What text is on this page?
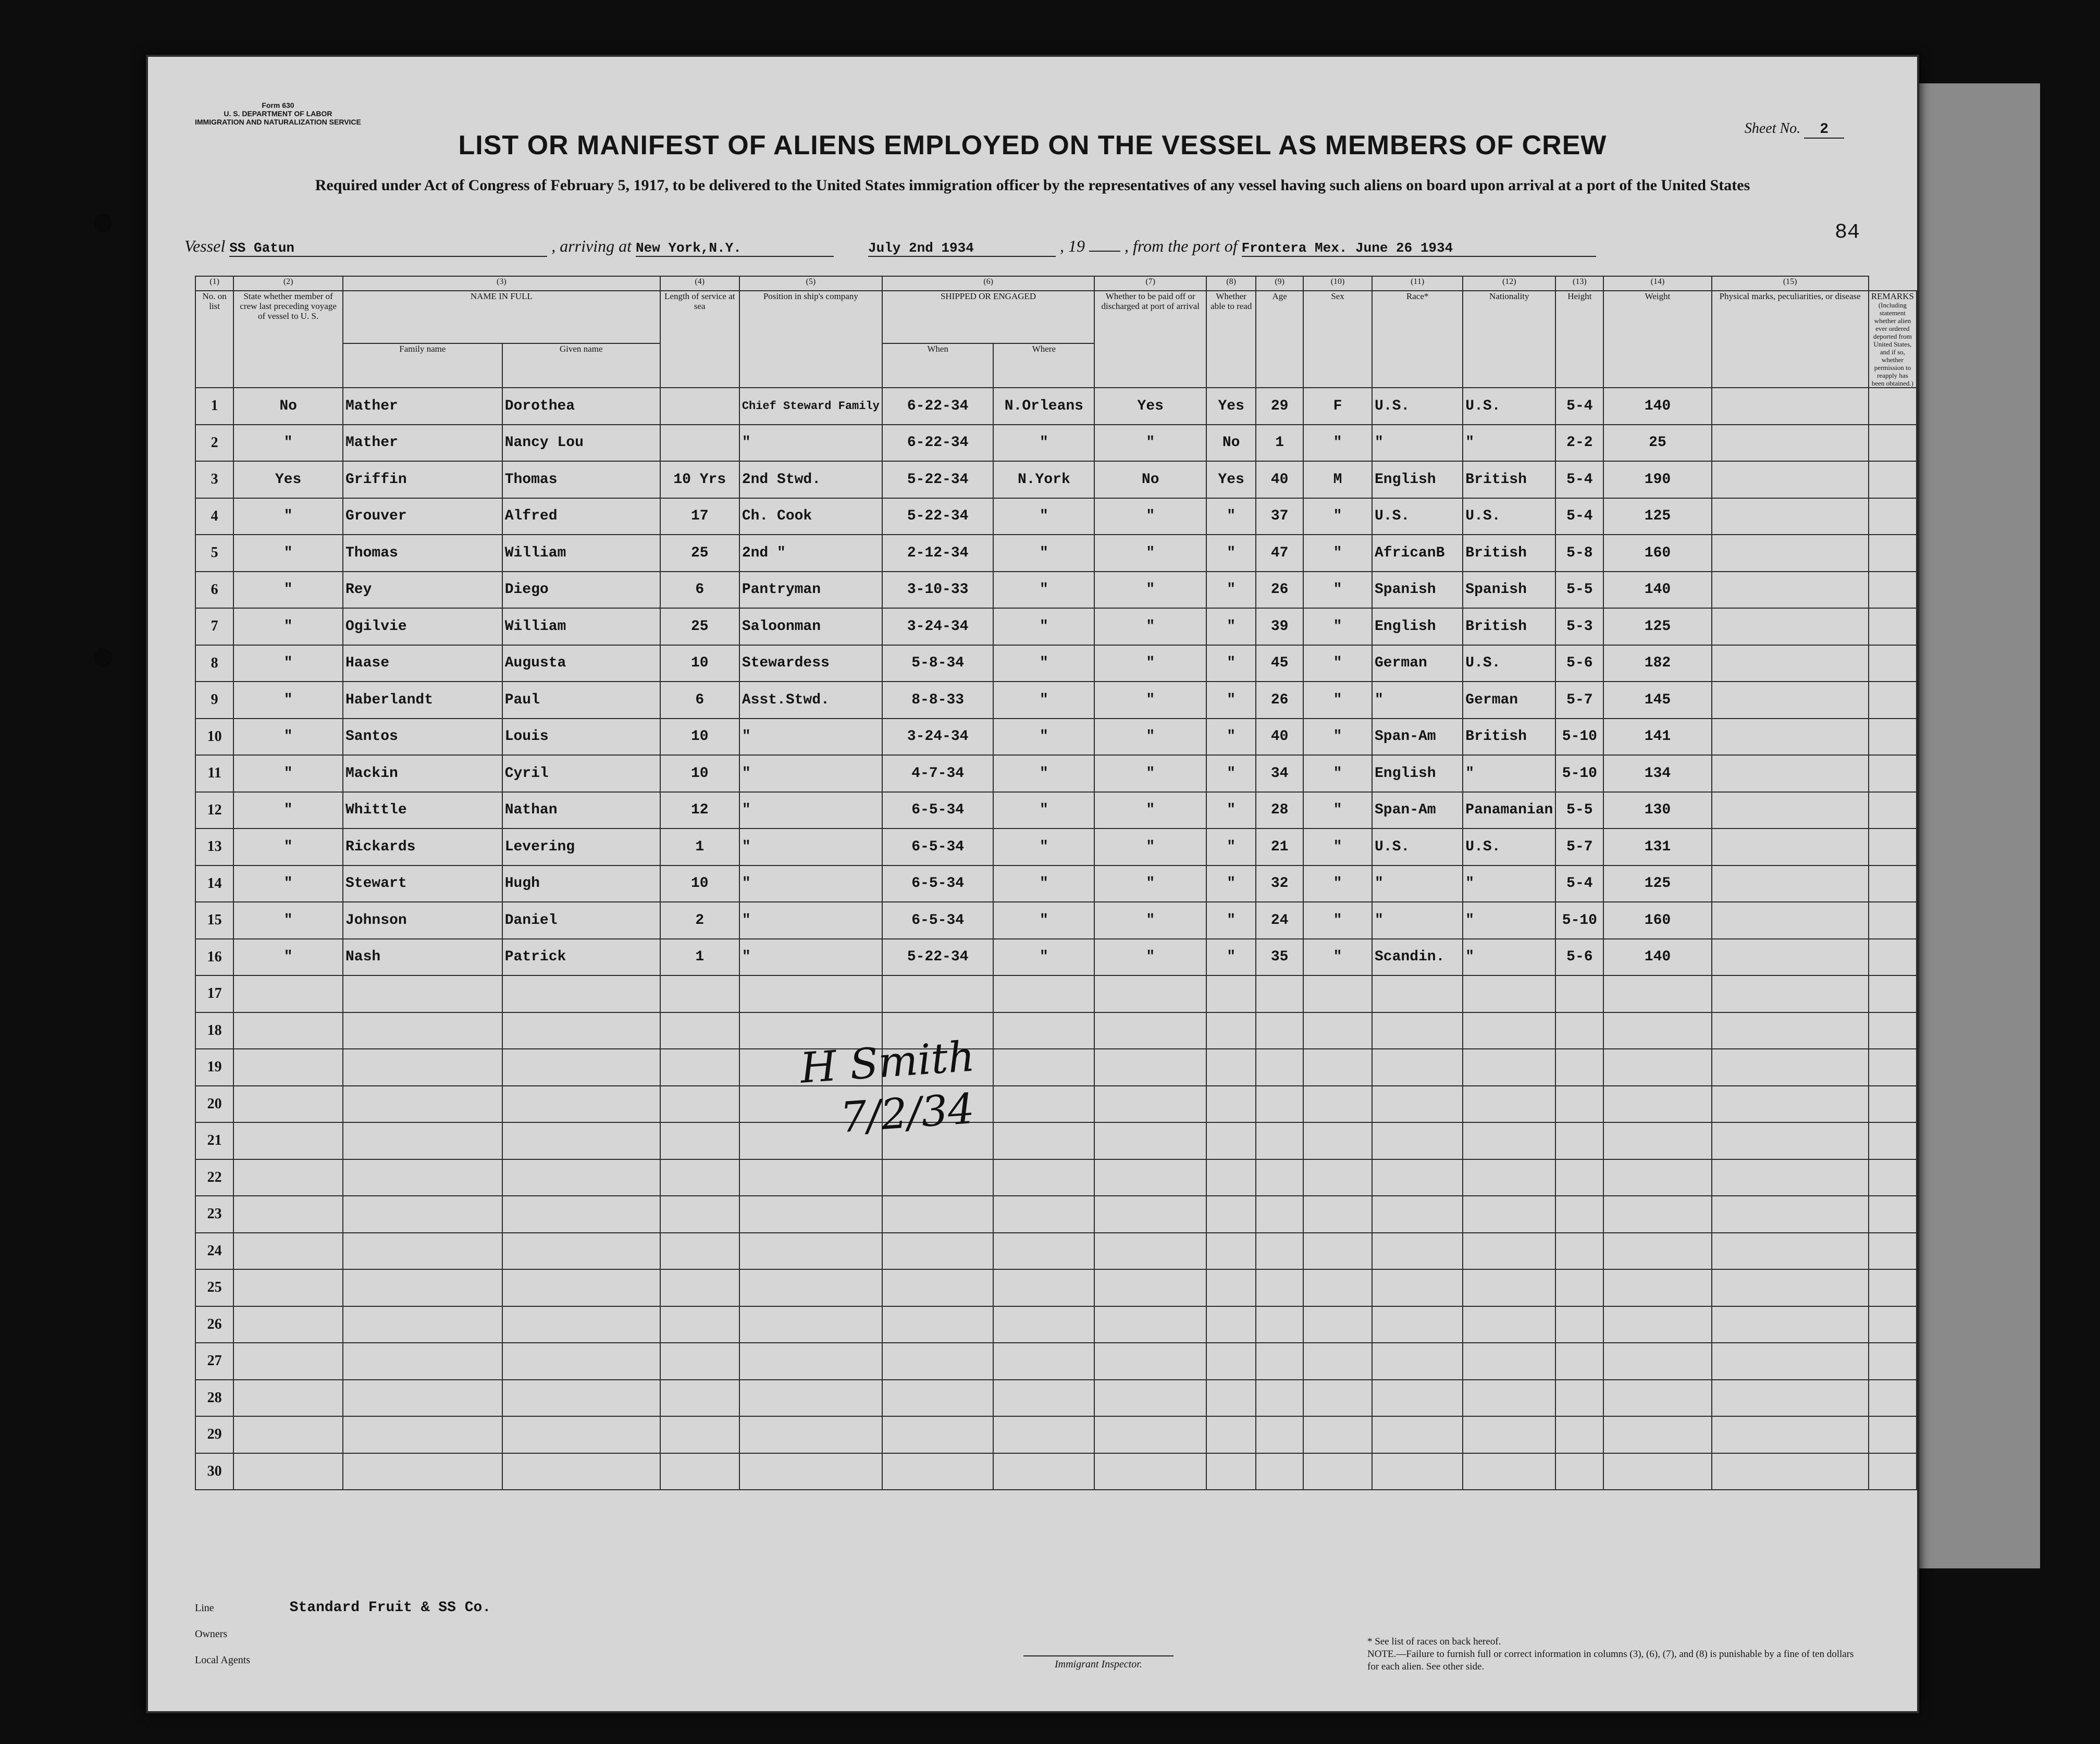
Form 630
U. S. DEPARTMENT OF LABOR
IMMIGRATION AND NATURALIZATION SERVICE	Sheet No. 2
LIST OR MANIFEST OF ALIENS EMPLOYED ON THE VESSEL AS MEMBERS OF CREW
Required under Act of Congress of February 5, 1917, to be delivered to the United States immigration officer by the representatives of any vessel having such aliens on board upon arrival at a port of the United States
84
Vessel SS Gatun	, arriving at New York,N.Y.	July 2nd 1934	, 19 , from the port of Frontera Mex. June 26 1934
(1)	(2)	(3)		(4)	(5)	(6)		(7)	(8)	(9)	(10)	(11)	(12)	(13)	(14)	(15)	
No. on list	State whether member of crew last preceding voyage of vessel to U. S.	NAME IN FULL		Length of service at sea	Position in ship's company	SHIPPED OR ENGAGED		Whether to be paid off or discharged at port of arrival	Whether able to read	Age	Sex	Race*	Nationality	Height	Weight	Physical marks, peculiarities, or disease	REMARKS
(Including statement whether alien ever ordered deported from United States, and if so, whether permission to reapply has been obtained.)

		Family name	Given name			When	Where										
1	No	Mather	Dorothea		Chief Steward Family	6-22-34	N.Orleans	Yes	Yes	29	F	U.S.	U.S.	5-4	140		
2	"	Mather	Nancy Lou		"	6-22-34	"	"	No	1	"	"	"	2-2	25		
3	Yes	Griffin	Thomas	10 Yrs	2nd Stwd.	5-22-34	N.York	No	Yes	40	M	English	British	5-4	190		
4	"	Grouver	Alfred	17	Ch. Cook	5-22-34	"	"	"	37	"	U.S.	U.S.	5-4	125		
5	"	Thomas	William	25	2nd "	2-12-34	"	"	"	47	"	AfricanB	British	5-8	160		
6	"	Rey	Diego	6	Pantryman	3-10-33	"	"	"	26	"	Spanish	Spanish	5-5	140		
7	"	Ogilvie	William	25	Saloonman	3-24-34	"	"	"	39	"	English	British	5-3	125		
8	"	Haase	Augusta	10	Stewardess	5-8-34	"	"	"	45	"	German	U.S.	5-6	182		
9	"	Haberlandt	Paul	6	Asst.Stwd.	8-8-33	"	"	"	26	"	"	German	5-7	145		
10	"	Santos	Louis	10	"	3-24-34	"	"	"	40	"	Span-Am	British	5-10	141		
11	"	Mackin	Cyril	10	"	4-7-34	"	"	"	34	"	English	"	5-10	134		
12	"	Whittle	Nathan	12	"	6-5-34	"	"	"	28	"	Span-Am	Panamanian	5-5	130		
13	"	Rickards	Levering	1	"	6-5-34	"	"	"	21	"	U.S.	U.S.	5-7	131		
14	"	Stewart	Hugh	10	"	6-5-34	"	"	"	32	"	"	"	5-4	125		
15	"	Johnson	Daniel	2	"	6-5-34	"	"	"	24	"	"	"	5-10	160		
16	"	Nash	Patrick	1	"	5-22-34	"	"	"	35	"	Scandin.	"	5-6	140		
17																	
18																	
19																	
20																	
21																	
22																	
23																	
24																	
25																	
26																	
27																	
28																	
29																	
30																	
H Smith
7/2/34
Line	Standard Fruit & SS Co.
Owners
Local Agents	Immigrant Inspector.
* See list of races on back hereof.
NOTE.—Failure to furnish full or correct information in columns (3), (6), (7), and (8) is punishable by a fine of ten dollars for each alien. See other side.
